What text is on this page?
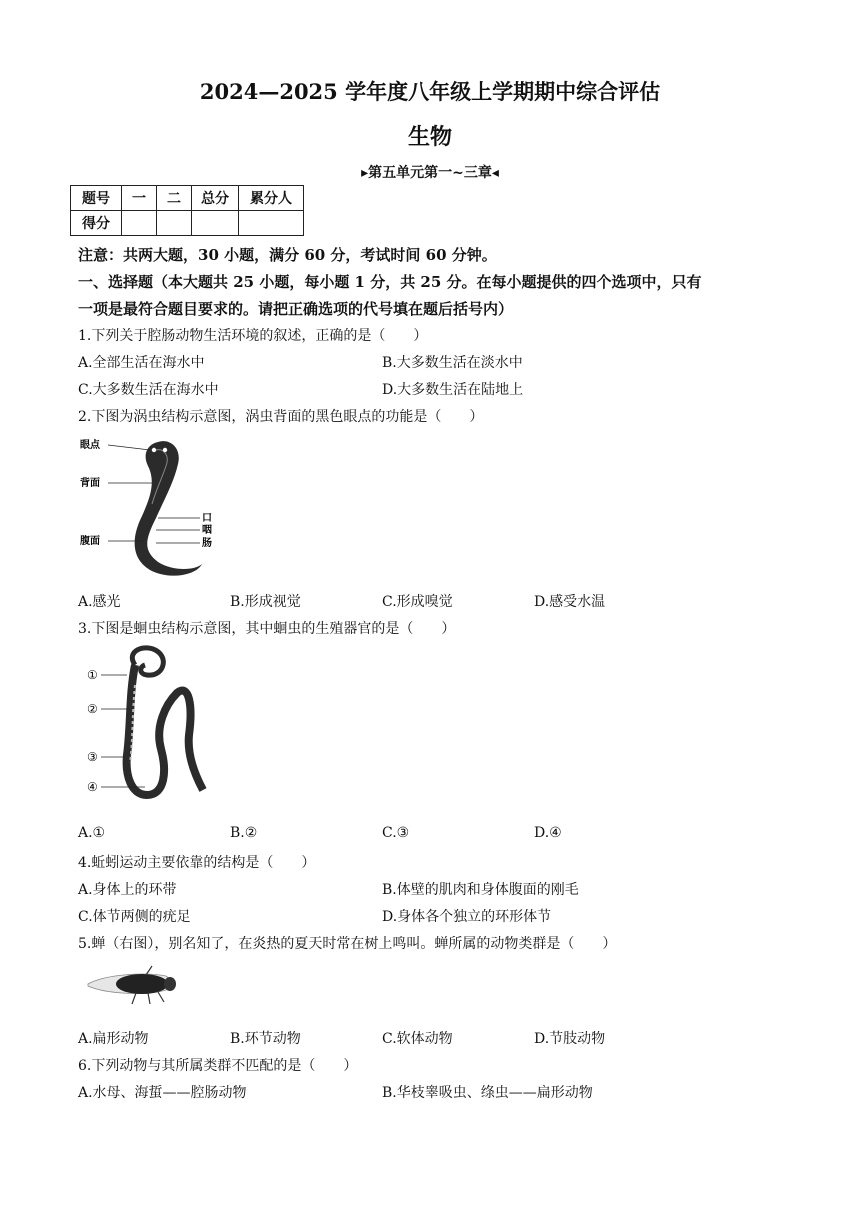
2024—2025 学年度八年级上学期期中综合评估
生物
▸第五单元第一~三章◂
题号	一	二	总分	累分人
得分				
注意：共两大题，30 小题，满分 60 分，考试时间 60 分钟。
一、选择题（本大题共 25 小题，每小题 1 分，共 25 分。在每小题提供的四个选项中，只有
一项是最符合题目要求的。请把正确选项的代号填在题后括号内）
1.下列关于腔肠动物生活环境的叙述，正确的是（　　）
A.全部生活在海水中	B.大多数生活在淡水中
C.大多数生活在海水中	D.大多数生活在陆地上
2.下图为涡虫结构示意图，涡虫背面的黑色眼点的功能是（　　）
眼点
背面
腹面
口
咽
肠
A.感光	B.形成视觉	C.形成嗅觉	D.感受水温
3.下图是蛔虫结构示意图，其中蛔虫的生殖器官的是（　　）
①
②
③
④
A.①	B.②	C.③	D.④
4.蚯蚓运动主要依靠的结构是（　　）
A.身体上的环带	B.体壁的肌肉和身体腹面的刚毛
C.体节两侧的疣足	D.身体各个独立的环形体节
5.蝉（右图），别名知了，在炎热的夏天时常在树上鸣叫。蝉所属的动物类群是（　　）
A.扁形动物	B.环节动物	C.软体动物	D.节肢动物
6.下列动物与其所属类群不匹配的是（　　）
A.水母、海蜇——腔肠动物	B.华枝睾吸虫、绦虫——扁形动物
